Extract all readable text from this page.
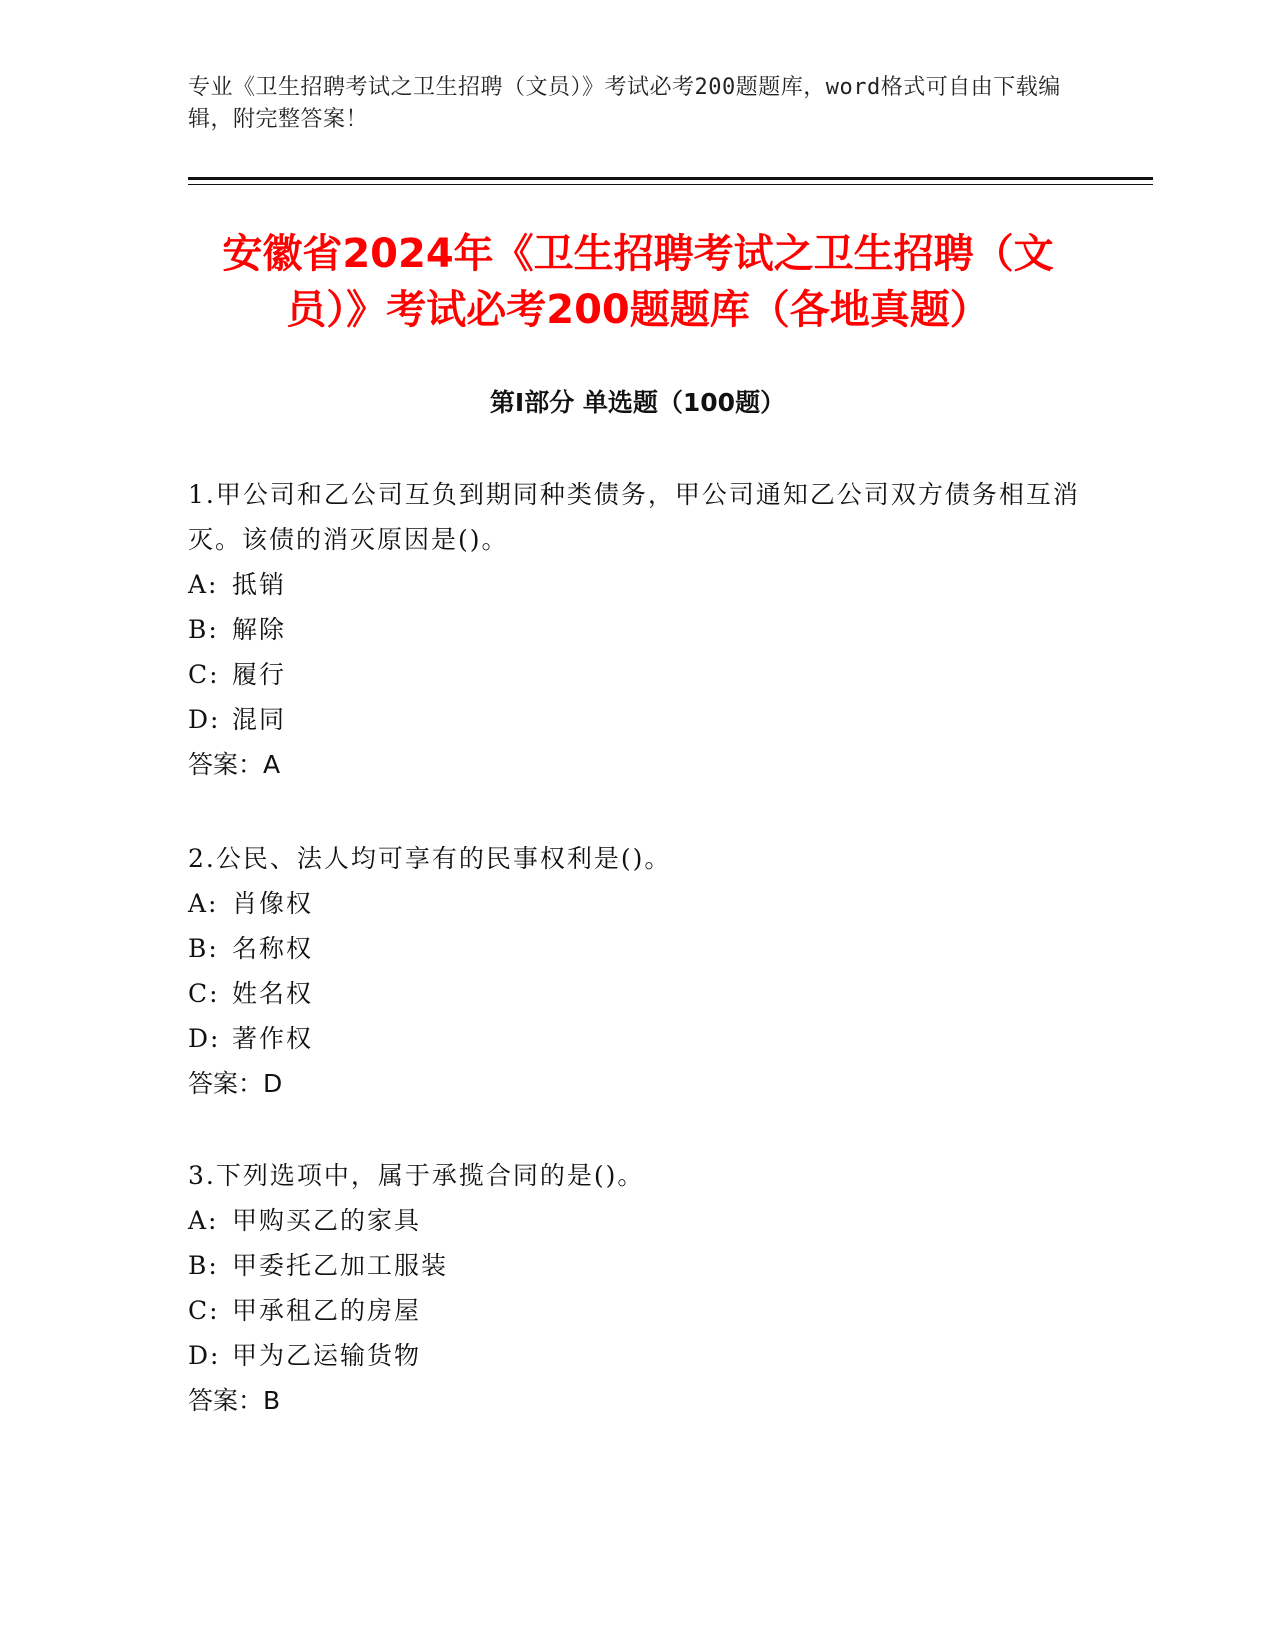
专业《卫生招聘考试之卫生招聘（文员）》考试必考200题题库，word格式可自由下载编辑，附完整答案！
安徽省2024年《卫生招聘考试之卫生招聘（文员）》考试必考200题题库（各地真题）
第Ⅰ部分 单选题（100题）

1.甲公司和乙公司互负到期同种类债务，甲公司通知乙公司双方债务相互消灭。该债的消灭原因是()。

A: 抵销

B: 解除

C: 履行

D: 混同

答案：A

2.公民、法人均可享有的民事权利是()。

A: 肖像权

B: 名称权

C: 姓名权

D: 著作权

答案：D

3.下列选项中，属于承揽合同的是()。

A: 甲购买乙的家具

B: 甲委托乙加工服装

C: 甲承租乙的房屋

D: 甲为乙运输货物

答案：B
